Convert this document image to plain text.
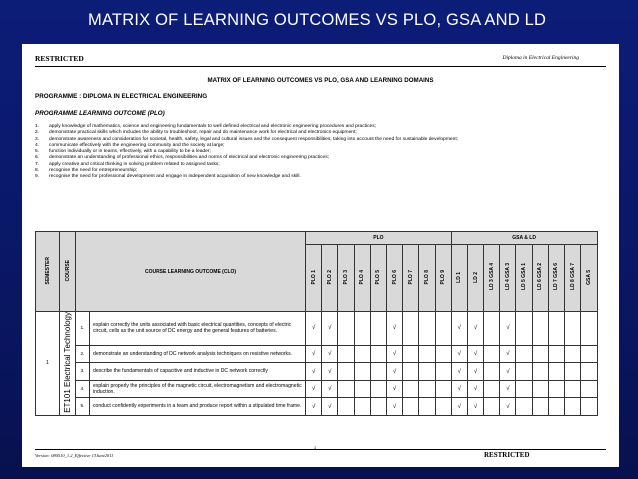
MATRIX OF LEARNING OUTCOMES VS PLO, GSA AND LD
RESTRICTED	Diploma in Electrical Engineering
MATRIX OF LEARNING OUTCOMES VS PLO, GSA AND LEARNING DOMAINS
PROGRAMME : DIPLOMA IN ELECTRICAL ENGINEERING
PROGRAMME LEARNING OUTCOME (PLO)
1.	apply knowledge of mathematics, science and engineering fundamentals to well defined electrical and electronic engineering procedures and practices;
2.	demonstrate practical skills which includes the ability to troubleshoot, repair and do maintenance work for electrical and electronics equipment;
3.	demonstrate awareness and consideration for societal, health, safety, legal and cultural issues and the consequent responsibilities, taking into account the need for sustainable development;
4.	communicate effectively with the engineering community and the society at large;
5.	function individually or in teams, effectively, with a capability to be a leader;
6.	demonstrate an understanding of professional ethics, responsibilities and norms of electrical and electronic engineering practices;
7.	apply creative and critical thinking in solving problem related to assigned tasks;
8.	recognise the need for entrepreneurship;
9.	recognise the need for professional development and engage in independent acquisition of new knowledge and skill.
SEMESTER	COURSE	COURSE LEARNING OUTCOME (CLO)		PLO									GSA & LD								
				PLO 1	PLO 2	PLO 3	PLO 4	PLO 5	PLO 6	PLO 7	PLO 8	PLO 9	LD 1	LD 2	LD 3 GSA 4	LD 4 GSA 3	LD 5 GSA 1	LD 6 GSA 2	LD 7 GSA 6	LD 8 GSA 7	GSA 5
1	ET101 Electrical Technology	1.	explain correctly the units associated with basic electrical quantities, concepts of electric circuit, cells as the unit source of DC energy and the general features of batteries.	√	√				√				√	√		√					
		2.	demonstrate an understanding of DC network analysis techniques on resistive networks.	√	√				√				√	√		√					
		3.	describe the fundamentals of capacitive and inductive in DC network correctly	√	√				√				√	√		√					
		4.	explain properly the principles of the magnetic circuit, electromagnetism and electromagnetic induction.	√	√				√				√	√		√					
		5.	conduct confidently experiments in a team and produce report within a stipulated time frame.	√	√				√				√	√		√					
1
Version: 080510_1.2_Effective 13June2011	RESTRICTED
